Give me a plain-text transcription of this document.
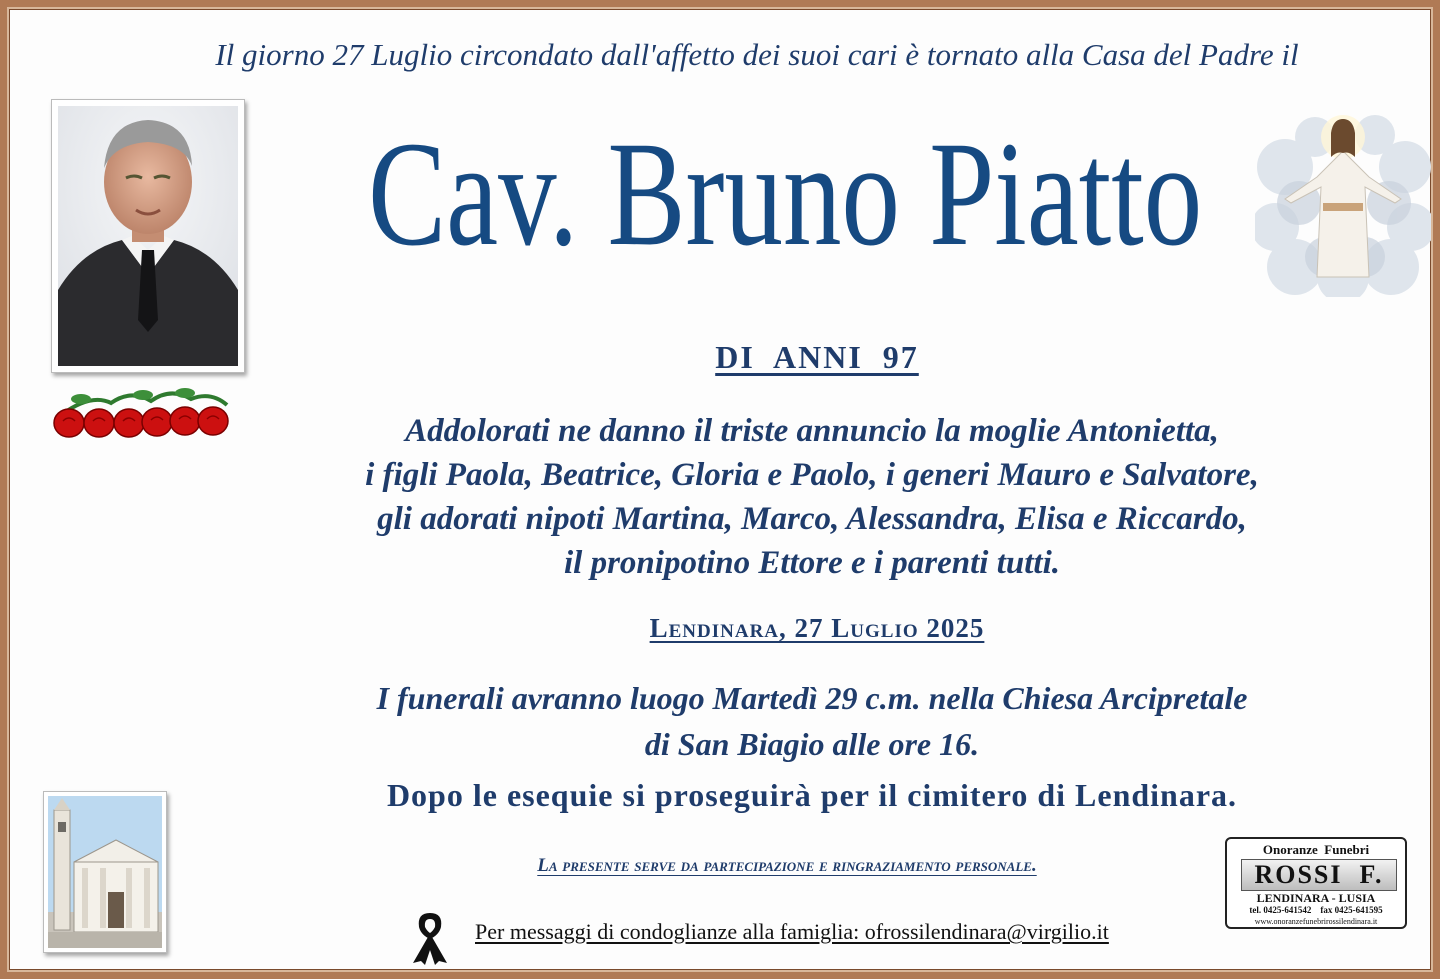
Il giorno 27 Luglio circondato dall'affetto dei suoi cari è tornato alla Casa del Padre il
Cav. Bruno Piatto
DI  ANNI  97
Addolorati ne danno il triste annuncio la moglie Antonietta,
i figli Paola, Beatrice, Gloria e Paolo, i generi Mauro e Salvatore,
gli adorati nipoti Martina, Marco, Alessandra, Elisa e Riccardo,
il pronipotino Ettore e i parenti tutti.
Lendinara, 27 Luglio 2025
I funerali avranno luogo Martedì 29 c.m. nella Chiesa Arcipretale
di San Biagio alle ore 16.
Dopo le esequie si proseguirà per il cimitero di Lendinara.
La presente serve da partecipazione e ringraziamento personale.
Per messaggi di condoglianze alla famiglia: ofrossilendinara@virgilio.it
Onoranze  Funebri
ROSSI  F.
LENDINARA - LUSIA
tel. 0425-641542    fax 0425-641595
www.onoranzefunebrirossilendinara.it
